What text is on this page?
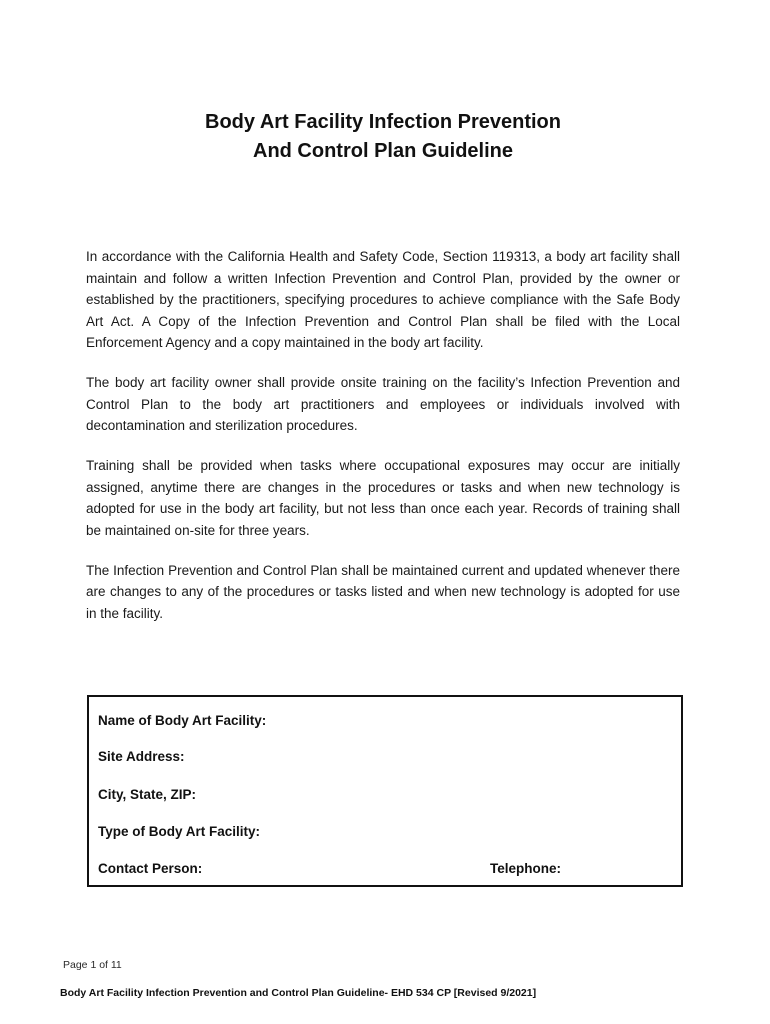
Body Art Facility Infection Prevention
And Control Plan Guideline

In accordance with the California Health and Safety Code, Section 119313, a body art facility shall maintain and follow a written Infection Prevention and Control Plan, provided by the owner or established by the practitioners, specifying procedures to achieve compliance with the Safe Body Art Act. A Copy of the Infection Prevention and Control Plan shall be filed with the Local Enforcement Agency and a copy maintained in the body art facility.

The body art facility owner shall provide onsite training on the facility’s Infection Prevention and Control Plan to the body art practitioners and employees or individuals involved with decontamination and sterilization procedures.

Training shall be provided when tasks where occupational exposures may occur are initially assigned, anytime there are changes in the procedures or tasks and when new technology is adopted for use in the body art facility, but not less than once each year. Records of training shall be maintained on-site for three years.

The Infection Prevention and Control Plan shall be maintained current and updated whenever there are changes to any of the procedures or tasks listed and when new technology is adopted for use in the facility.

Name of Body Art Facility:
Site Address:
City, State, ZIP:
Type of Body Art Facility:
Contact Person:	Telephone:
Page 1 of 11
Body Art Facility Infection Prevention and Control Plan Guideline- EHD 534 CP [Revised 9/2021]
